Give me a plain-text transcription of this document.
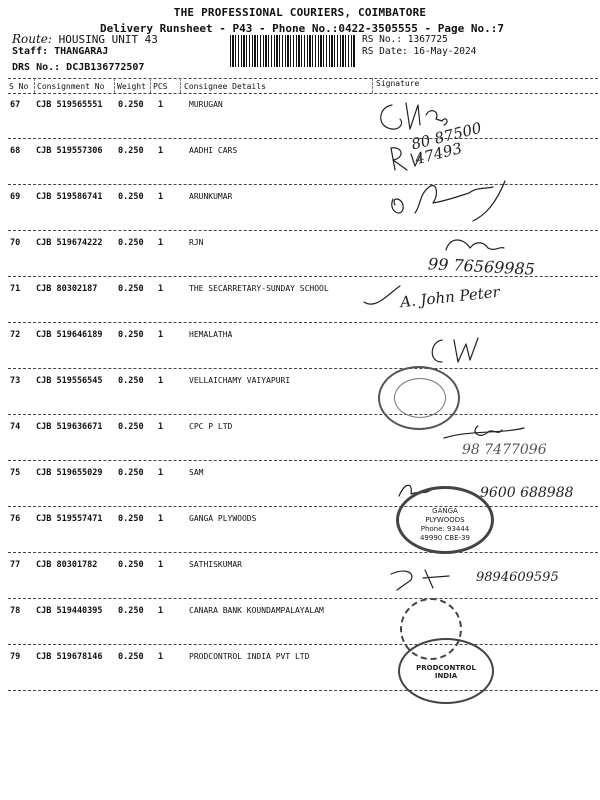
THE PROFESSIONAL COURIERS, COIMBATORE
Delivery Runsheet - P43 - Phone No.:0422-3505555 - Page No.:7
Route: HOUSING UNIT 43
Staff: THANGARAJ
DRS No.: DCJB136772507
RS No.: 1367725
RS Date: 16-May-2024
S No Consignment No Weight PCS Consignee Details	Signature
67 CJB 519565551 0.250 1	MURUGAN
68 CJB 519557306 0.250 1	AADHI CARS
69 CJB 519586741 0.250 1	ARUNKUMAR
70 CJB 519674222 0.250 1	RJN
71 CJB 80302187 0.250 1	THE SECARRETARY-SUNDAY SCHOOL
72 CJB 519646189 0.250 1	HEMALATHA
73 CJB 519556545 0.250 1	VELLAICHAMY VAIYAPURI
74 CJB 519636671 0.250 1	CPC P LTD
75 CJB 519655029 0.250 1	SAM
76 CJB 519557471 0.250 1	GANGA PLYWOODS
77 CJB 80301782 0.250 1	SATHISKUMAR
78 CJB 519440395 0.250 1	CANARA BANK KOUNDAMPALAYALAM
79 CJB 519678146 0.250 1	PRODCONTROL INDIA PVT LTD
80 87500 47493
99 76569985
A. John Peter
98 7477096
9600 688988
GANGA PLYWOODS Phone: 93444 49990 CBE-39
9894609595
PRODCONTROL INDIA
